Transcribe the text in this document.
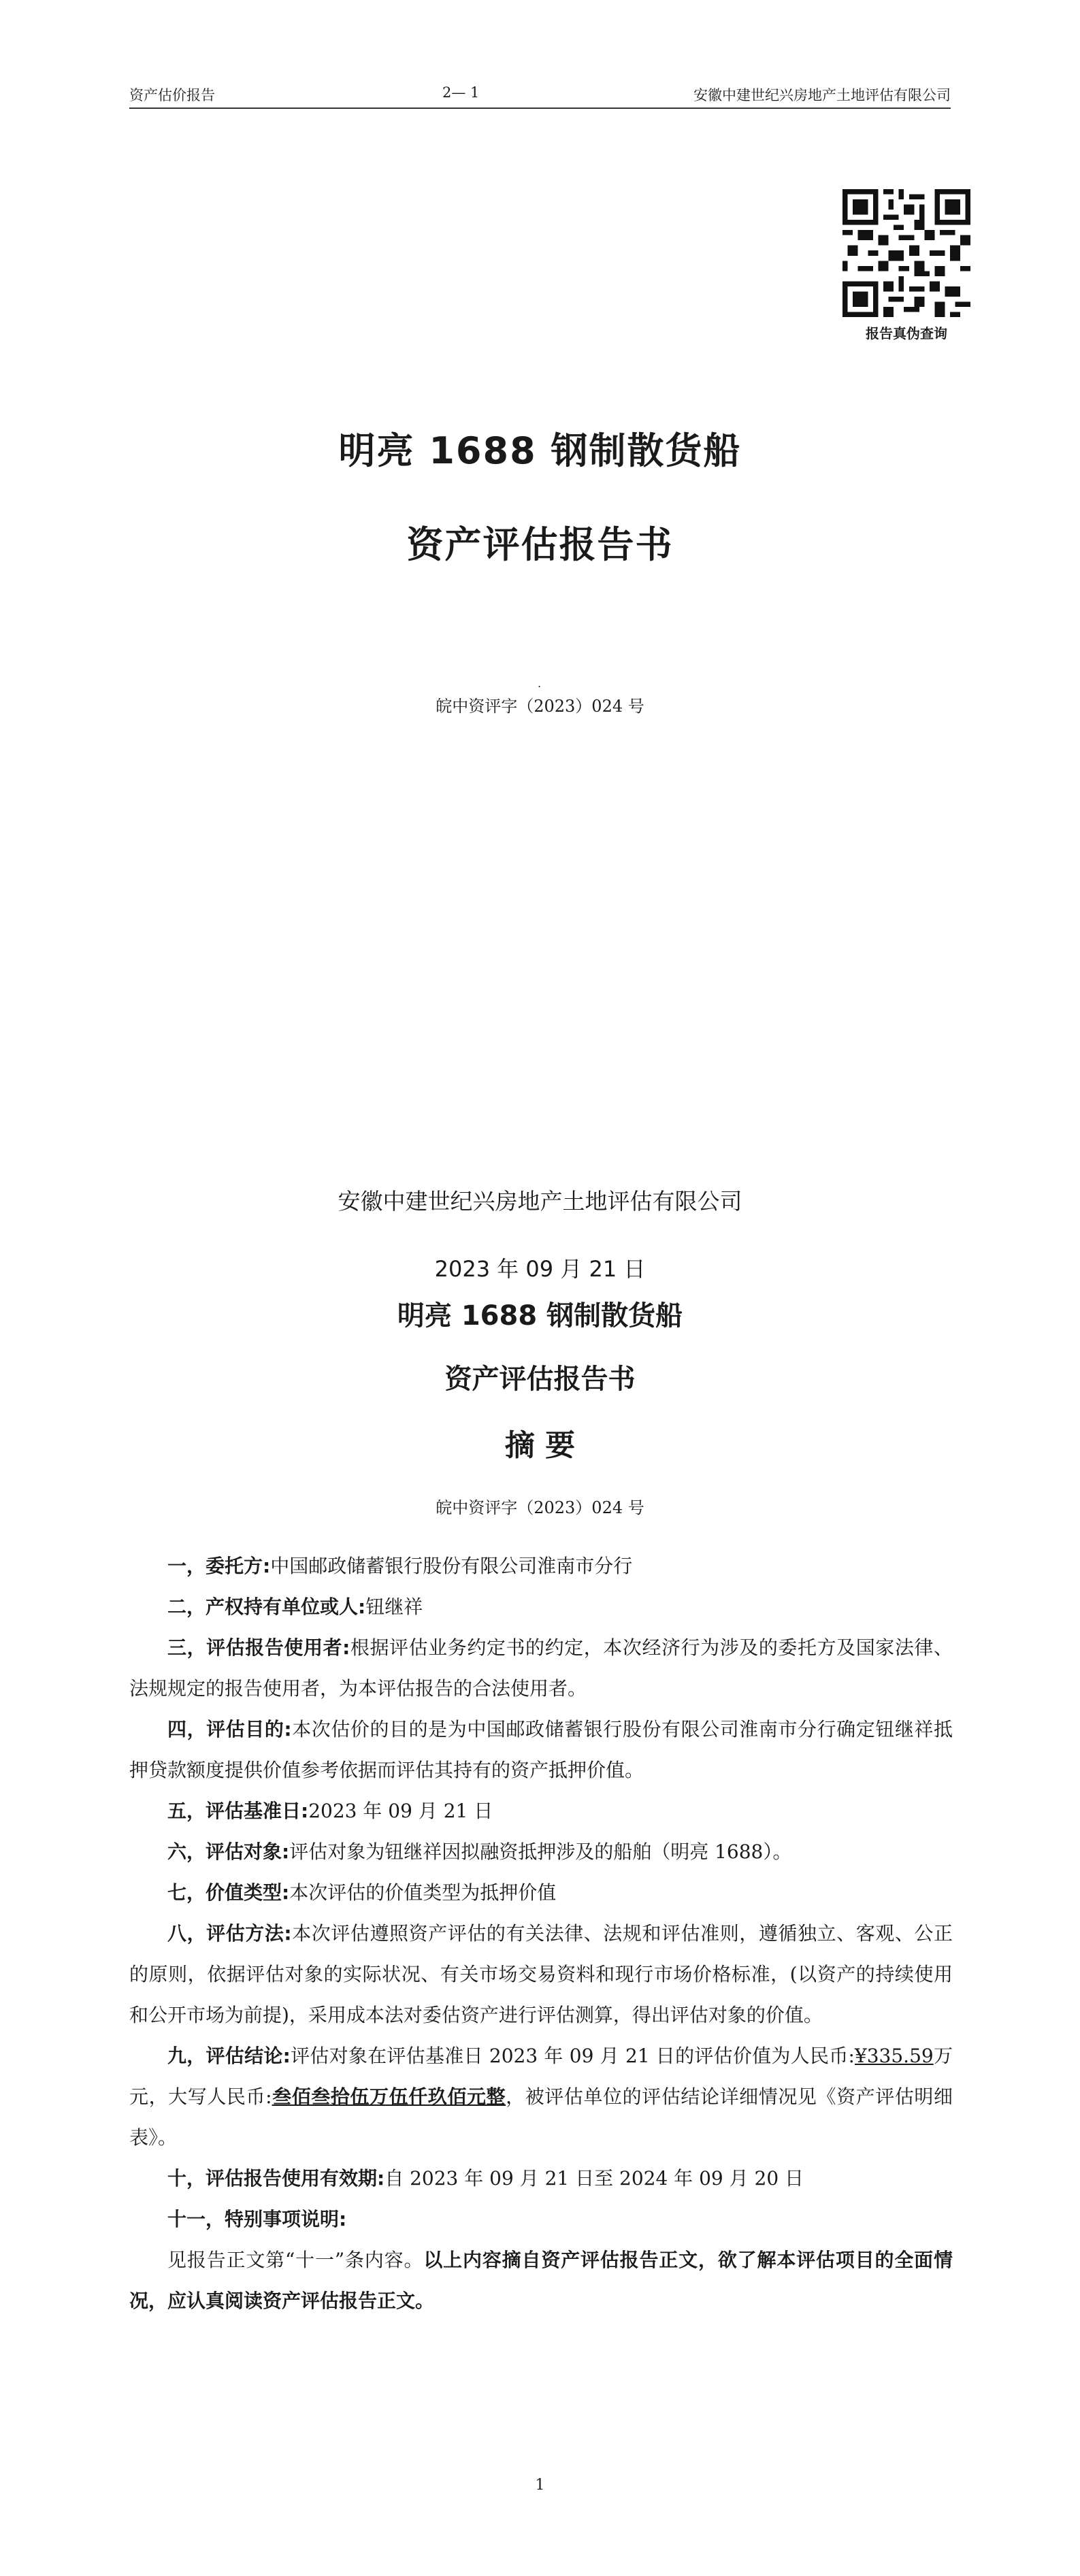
资产估价报告	2— 1	安徽中建世纪兴房地产土地评估有限公司
报告真伪查询
明亮 1688 钢制散货船
资产评估报告书
.
皖中资评字（2023）024 号
安徽中建世纪兴房地产土地评估有限公司
2023 年 09 月 21 日
明亮 1688 钢制散货船
资产评估报告书
摘 要
皖中资评字（2023）024 号

一，委托方:中国邮政储蓄银行股份有限公司淮南市分行

二，产权持有单位或人:钮继祥

三，评估报告使用者:根据评估业务约定书的约定，本次经济行为涉及的委托方及国家法律、法规规定的报告使用者，为本评估报告的合法使用者。

四，评估目的:本次估价的目的是为中国邮政储蓄银行股份有限公司淮南市分行确定钮继祥抵押贷款额度提供价值参考依据而评估其持有的资产抵押价值。

五，评估基准日:2023 年 09 月 21 日

六，评估对象:评估对象为钮继祥因拟融资抵押涉及的船舶（明亮 1688）。

七，价值类型:本次评估的价值类型为抵押价值

八，评估方法:本次评估遵照资产评估的有关法律、法规和评估准则，遵循独立、客观、公正的原则，依据评估对象的实际状况、有关市场交易资料和现行市场价格标准，(以资产的持续使用和公开市场为前提)，采用成本法对委估资产进行评估测算，得出评估对象的价值。

九，评估结论:评估对象在评估基准日 2023 年 09 月 21 日的评估价值为人民币:¥335.59万元，大写人民币:叁佰叁拾伍万伍仟玖佰元整，被评估单位的评估结论详细情况见《资产评估明细表》。

十，评估报告使用有效期:自 2023 年 09 月 21 日至 2024 年 09 月 20 日

十一，特别事项说明:

见报告正文第“十一”条内容。以上内容摘自资产评估报告正文，欲了解本评估项目的全面情况，应认真阅读资产评估报告正文。

1
